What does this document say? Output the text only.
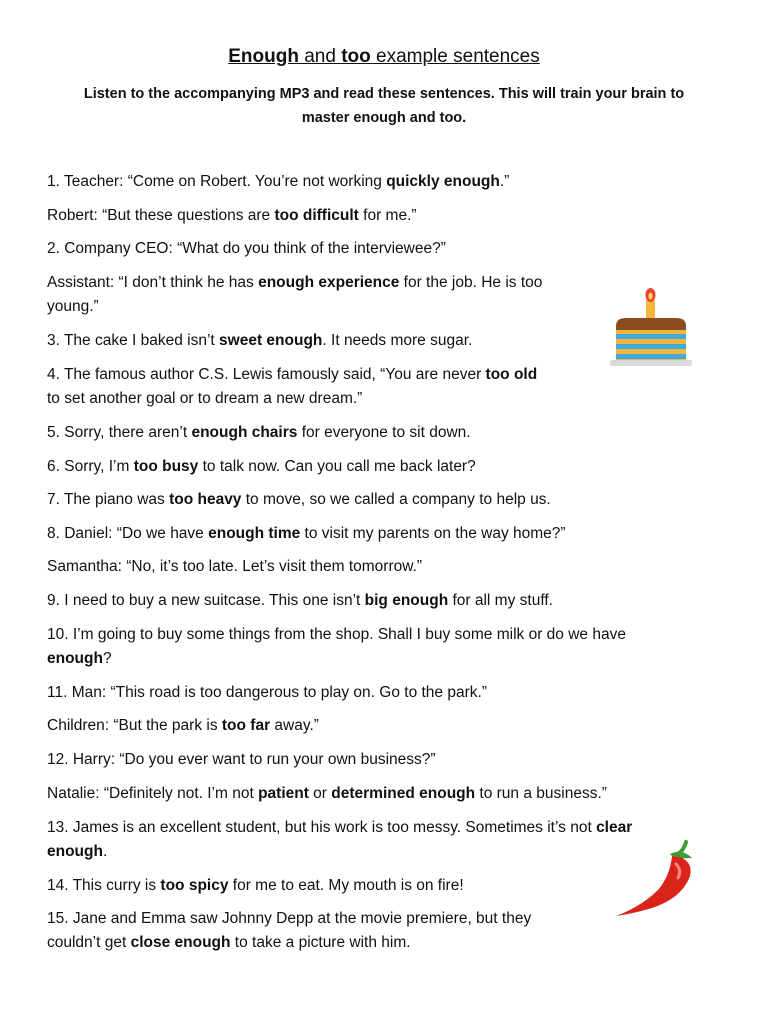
Enough and too example sentences
Listen to the accompanying MP3 and read these sentences. This will train your brain to
master enough and too.
1. Teacher: “Come on Robert. You’re not working quickly enough.”
Robert: “But these questions are too difficult for me.”
2. Company CEO: “What do you think of the interviewee?”
Assistant: “I don’t think he has enough experience for the job. He is too
young.”
3. The cake I baked isn’t sweet enough. It needs more sugar.
4. The famous author C.S. Lewis famously said, “You are never too old
to set another goal or to dream a new dream.”
5. Sorry, there aren’t enough chairs for everyone to sit down.
6. Sorry, I’m too busy to talk now. Can you call me back later?
7. The piano was too heavy to move, so we called a company to help us.
8. Daniel: “Do we have enough time to visit my parents on the way home?”
Samantha: “No, it’s too late. Let’s visit them tomorrow.”
9. I need to buy a new suitcase. This one isn’t big enough for all my stuff.
10. I’m going to buy some things from the shop. Shall I buy some milk or do we have
enough?
11. Man: “This road is too dangerous to play on. Go to the park.”
Children: “But the park is too far away.”
12. Harry: “Do you ever want to run your own business?”
Natalie: “Definitely not. I’m not patient or determined enough to run a business.”
13. James is an excellent student, but his work is too messy. Sometimes it’s not clear
enough.
14. This curry is too spicy for me to eat. My mouth is on fire!
15. Jane and Emma saw Johnny Depp at the movie premiere, but they
couldn’t get close enough to take a picture with him.
